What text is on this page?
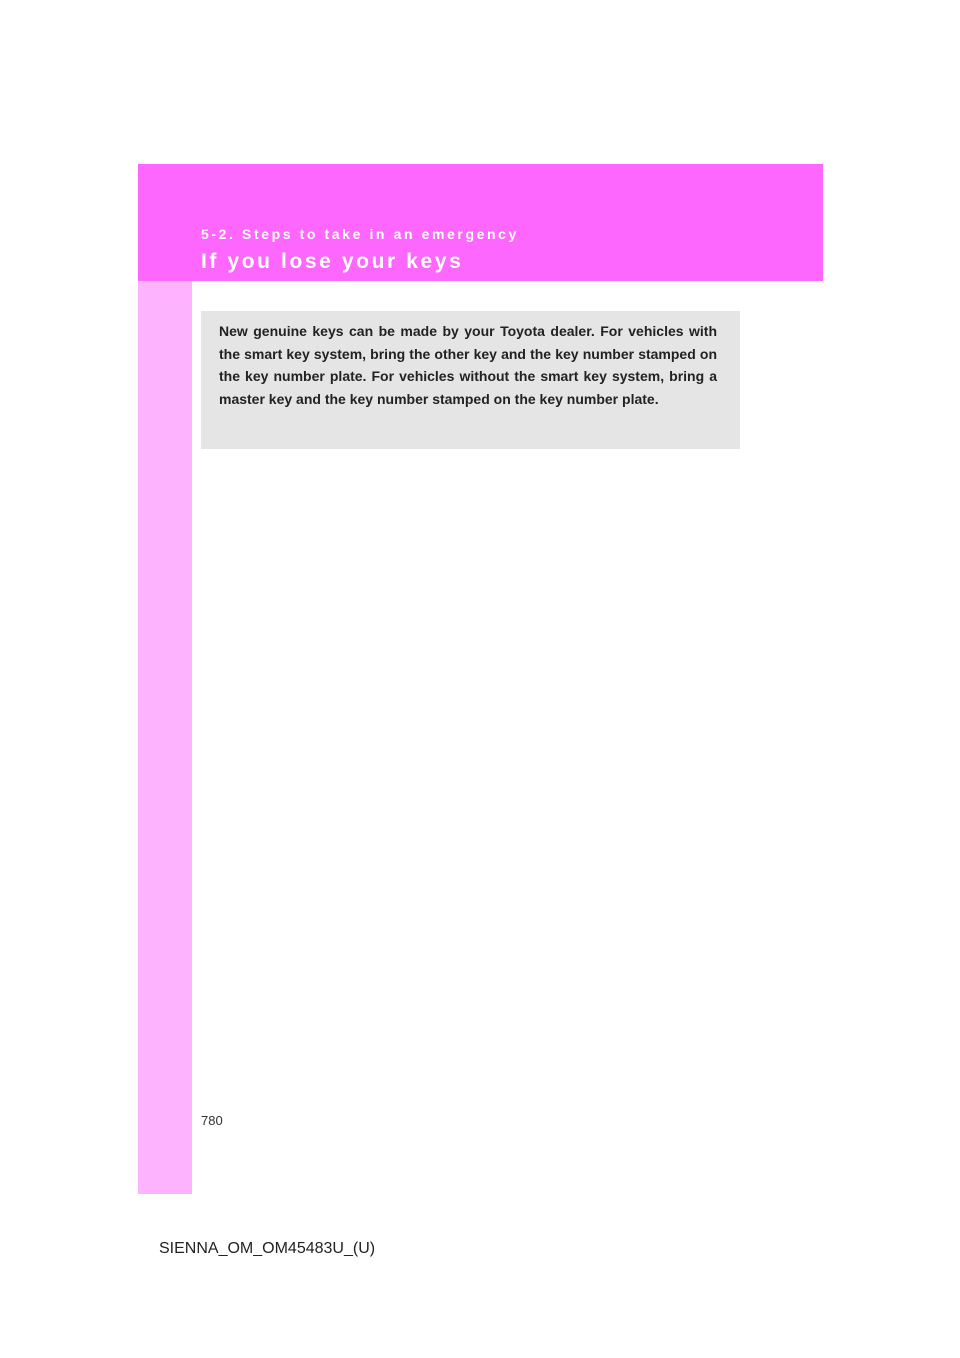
5-2. Steps to take in an emergency
If you lose your keys

New genuine keys can be made by your Toyota dealer. For vehicles with the smart key system, bring the other key and the key number stamped on the key number plate. For vehicles without the smart key system, bring a master key and the key number stamped on the key number plate.

780
SIENNA_OM_OM45483U_(U)
